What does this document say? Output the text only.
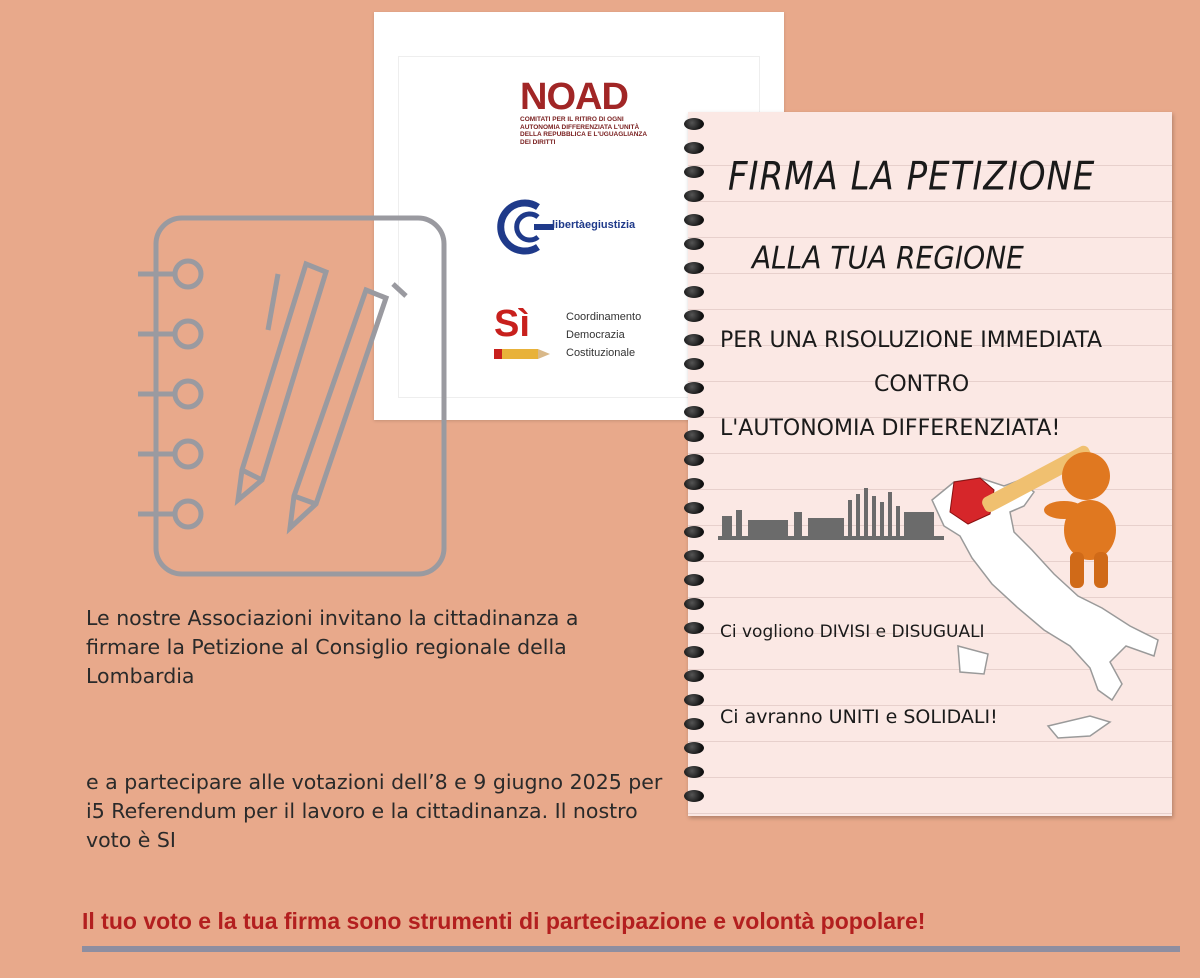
NOAD
COMITATI PER IL RITIRO DI OGNI AUTONOMIA DIFFERENZIATA L'UNITÀ DELLA REPUBBLICA E L'UGUAGLIANZA DEI DIRITTI
libertàegiustizia
Sì	Coordinamento
Democrazia
Costituzionale
Le nostre Associazioni invitano la cittadinanza a firmare la Petizione al Consiglio regionale della Lombardia
e a partecipare alle votazioni dell’8 e 9 giugno 2025 per i5 Referendum per il lavoro e la cittadinanza. Il nostro voto è SI
FIRMA LA PETIZIONE
ALLA TUA REGIONE
PER UNA RISOLUZIONE IMMEDIATA
CONTRO
L'AUTONOMIA DIFFERENZIATA!
Ci vogliono DIVISI e DISUGUALI
Ci avranno UNITI e SOLIDALI!
Il tuo voto e la tua firma sono strumenti di partecipazione e volontà popolare!
